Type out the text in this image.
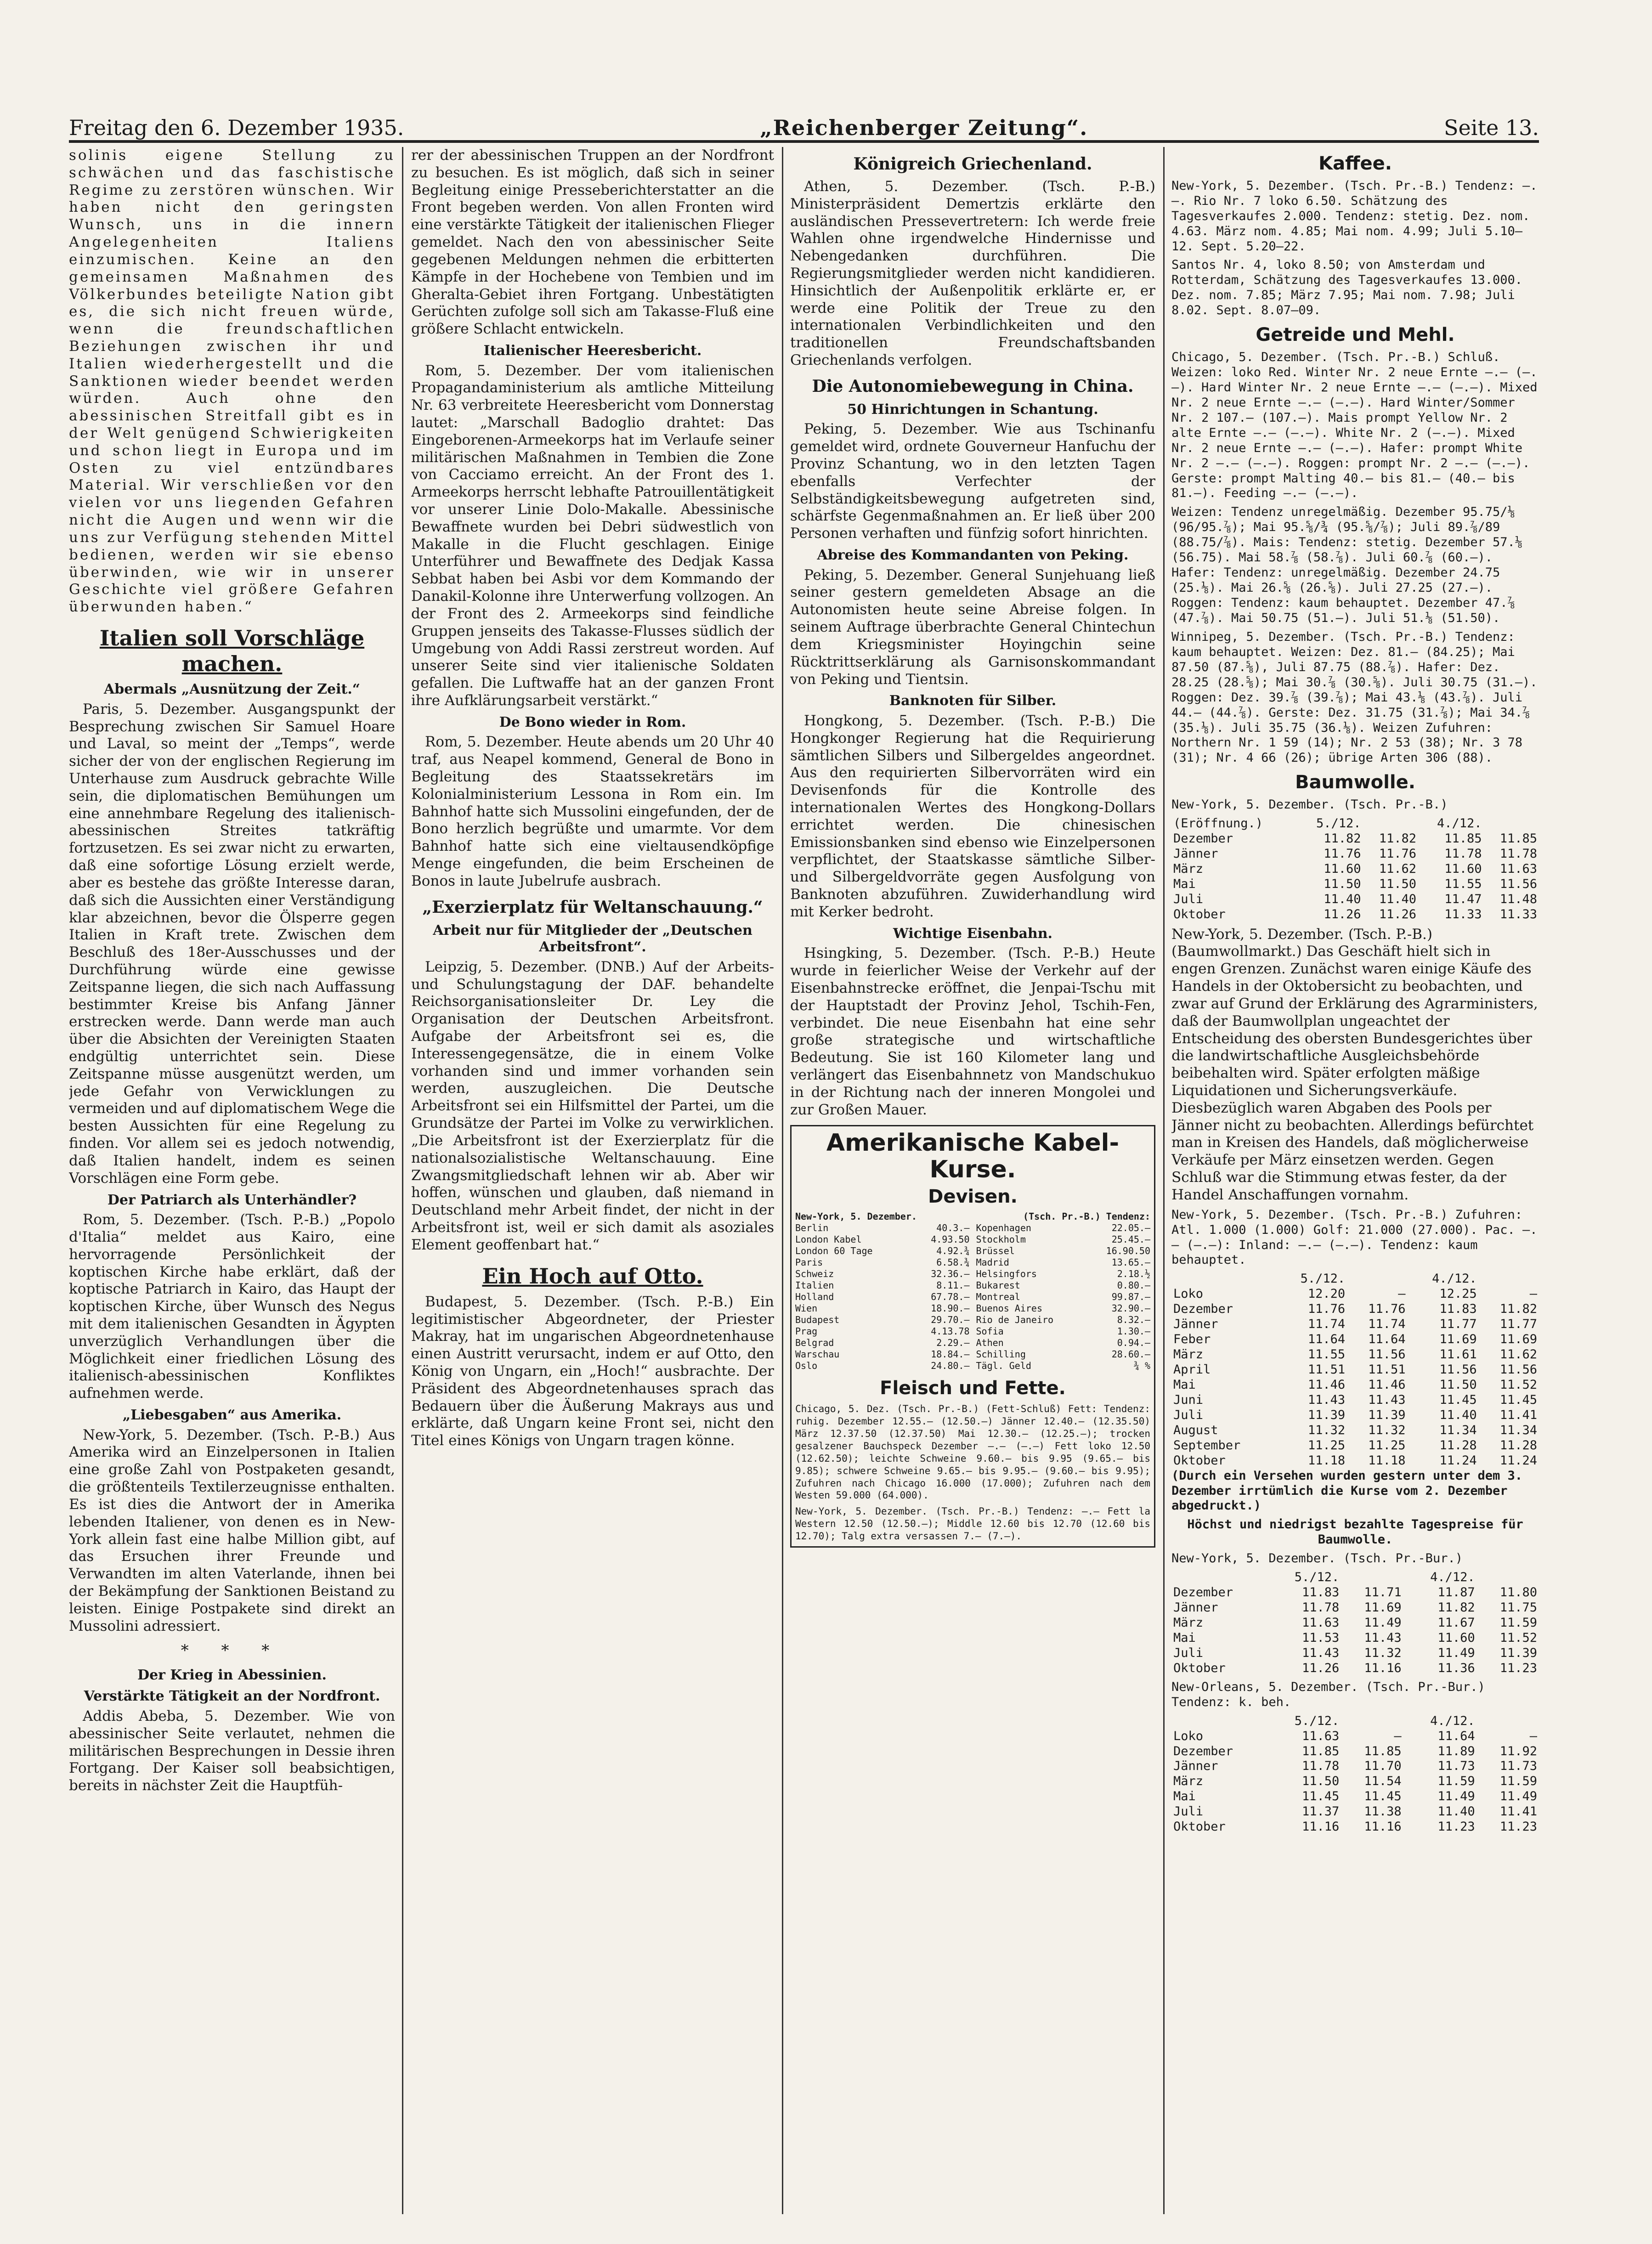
Freitag den 6. Dezember 1935.	„Reichenberger Zeitung“.	Seite 13.

solinis eigene Stellung zu schwächen und das faschistische Regime zu zerstören wünschen. Wir haben nicht den geringsten Wunsch, uns in die innern Angelegenheiten Italiens einzumischen. Keine an den gemeinsamen Maßnahmen des Völkerbundes beteiligte Nation gibt es, die sich nicht freuen würde, wenn die freundschaftlichen Beziehungen zwischen ihr und Italien wiederhergestellt und die Sanktionen wieder beendet werden würden. Auch ohne den abessinischen Streitfall gibt es in der Welt genügend Schwierigkeiten und schon liegt in Europa und im Osten zu viel entzündbares Material. Wir verschließen vor den vielen vor uns liegenden Gefahren nicht die Augen und wenn wir die uns zur Verfügung stehenden Mittel bedienen, werden wir sie ebenso überwinden, wie wir in unserer Geschichte viel größere Gefahren überwunden haben.“

Italien soll Vorschläge machen.
Abermals „Ausnützung der Zeit.“

Paris, 5. Dezember. Ausgangspunkt der Besprechung zwischen Sir Samuel Hoare und Laval, so meint der „Temps“, werde sicher der von der englischen Regierung im Unterhause zum Ausdruck gebrachte Wille sein, die diplomatischen Bemühungen um eine annehmbare Regelung des italienisch-abessinischen Streites tatkräftig fortzusetzen. Es sei zwar nicht zu erwarten, daß eine sofortige Lösung erzielt werde, aber es bestehe das größte Interesse daran, daß sich die Aussichten einer Verständigung klar abzeichnen, bevor die Ölsperre gegen Italien in Kraft trete. Zwischen dem Beschluß des 18er-Ausschusses und der Durchführung würde eine gewisse Zeitspanne liegen, die sich nach Auffassung bestimmter Kreise bis Anfang Jänner erstrecken werde. Dann werde man auch über die Absichten der Vereinigten Staaten endgültig unterrichtet sein. Diese Zeitspanne müsse ausgenützt werden, um jede Gefahr von Verwicklungen zu vermeiden und auf diplomatischem Wege die besten Aussichten für eine Regelung zu finden. Vor allem sei es jedoch notwendig, daß Italien handelt, indem es seinen Vorschlägen eine Form gebe.

Der Patriarch als Unterhändler?

Rom, 5. Dezember. (Tsch. P.-B.) „Popolo d'Italia“ meldet aus Kairo, eine hervorragende Persönlichkeit der koptischen Kirche habe erklärt, daß der koptische Patriarch in Kairo, das Haupt der koptischen Kirche, über Wunsch des Negus mit dem italienischen Gesandten in Ägypten unverzüglich Verhandlungen über die Möglichkeit einer friedlichen Lösung des italienisch-abessinischen Konfliktes aufnehmen werde.

„Liebesgaben“ aus Amerika.

New-York, 5. Dezember. (Tsch. P.-B.) Aus Amerika wird an Einzelpersonen in Italien eine große Zahl von Postpaketen gesandt, die größtenteils Textilerzeugnisse enthalten. Es ist dies die Antwort der in Amerika lebenden Italiener, von denen es in New-York allein fast eine halbe Million gibt, auf das Ersuchen ihrer Freunde und Verwandten im alten Vaterlande, ihnen bei der Bekämpfung der Sanktionen Beistand zu leisten. Einige Postpakete sind direkt an Mussolini adressiert.

* * *
Der Krieg in Abessinien.
Verstärkte Tätigkeit an der Nordfront.

Addis Abeba, 5. Dezember. Wie von abessinischer Seite verlautet, nehmen die militärischen Besprechungen in Dessie ihren Fortgang. Der Kaiser soll beabsichtigen, bereits in nächster Zeit die Hauptfüh-

rer der abessinischen Truppen an der Nordfront zu besuchen. Es ist möglich, daß sich in seiner Begleitung einige Presseberichterstatter an die Front begeben werden. Von allen Fronten wird eine verstärkte Tätigkeit der italienischen Flieger gemeldet. Nach den von abessinischer Seite gegebenen Meldungen nehmen die erbitterten Kämpfe in der Hochebene von Tembien und im Gheralta-Gebiet ihren Fortgang. Unbestätigten Gerüchten zufolge soll sich am Takasse-Fluß eine größere Schlacht entwickeln.

Italienischer Heeresbericht.

Rom, 5. Dezember. Der vom italienischen Propagandaministerium als amtliche Mitteilung Nr. 63 verbreitete Heeresbericht vom Donnerstag lautet: „Marschall Badoglio drahtet: Das Eingeborenen-Armeekorps hat im Verlaufe seiner militärischen Maßnahmen in Tembien die Zone von Cacciamo erreicht. An der Front des 1. Armeekorps herrscht lebhafte Patrouillentätigkeit vor unserer Linie Dolo-Makalle. Abessinische Bewaffnete wurden bei Debri südwestlich von Makalle in die Flucht geschlagen. Einige Unterführer und Bewaffnete des Dedjak Kassa Sebbat haben bei Asbi vor dem Kommando der Danakil-Kolonne ihre Unterwerfung vollzogen. An der Front des 2. Armeekorps sind feindliche Gruppen jenseits des Takasse-Flusses südlich der Umgebung von Addi Rassi zerstreut worden. Auf unserer Seite sind vier italienische Soldaten gefallen. Die Luftwaffe hat an der ganzen Front ihre Aufklärungsarbeit verstärkt.“

De Bono wieder in Rom.

Rom, 5. Dezember. Heute abends um 20 Uhr 40 traf, aus Neapel kommend, General de Bono in Begleitung des Staatssekretärs im Kolonialministerium Lessona in Rom ein. Im Bahnhof hatte sich Mussolini eingefunden, der de Bono herzlich begrüßte und umarmte. Vor dem Bahnhof hatte sich eine vieltausendköpfige Menge eingefunden, die beim Erscheinen de Bonos in laute Jubelrufe ausbrach.

„Exerzierplatz für Weltanschauung.“
Arbeit nur für Mitglieder der „Deutschen Arbeitsfront“.

Leipzig, 5. Dezember. (DNB.) Auf der Arbeits- und Schulungstagung der DAF. behandelte Reichsorganisationsleiter Dr. Ley die Organisation der Deutschen Arbeitsfront. Aufgabe der Arbeitsfront sei es, die Interessengegensätze, die in einem Volke vorhanden sind und immer vorhanden sein werden, auszugleichen. Die Deutsche Arbeitsfront sei ein Hilfsmittel der Partei, um die Grundsätze der Partei im Volke zu verwirklichen. „Die Arbeitsfront ist der Exerzierplatz für die nationalsozialistische Weltanschauung. Eine Zwangsmitgliedschaft lehnen wir ab. Aber wir hoffen, wünschen und glauben, daß niemand in Deutschland mehr Arbeit findet, der nicht in der Arbeitsfront ist, weil er sich damit als asoziales Element geoffenbart hat.“

Ein Hoch auf Otto.

Budapest, 5. Dezember. (Tsch. P.-B.) Ein legitimistischer Abgeordneter, der Priester Makray, hat im ungarischen Abgeordnetenhause einen Austritt verursacht, indem er auf Otto, den König von Ungarn, ein „Hoch!“ ausbrachte. Der Präsident des Abgeordnetenhauses sprach das Bedauern über die Äußerung Makrays aus und erklärte, daß Ungarn keine Front sei, nicht den Titel eines Königs von Ungarn tragen könne.

Königreich Griechenland.

Athen, 5. Dezember. (Tsch. P.-B.) Ministerpräsident Demertzis erklärte den ausländischen Pressevertretern: Ich werde freie Wahlen ohne irgendwelche Hindernisse und Nebengedanken durchführen. Die Regierungsmitglieder werden nicht kandidieren. Hinsichtlich der Außenpolitik erklärte er, er werde eine Politik der Treue zu den internationalen Verbindlichkeiten und den traditionellen Freundschaftsbanden Griechenlands verfolgen.

Die Autonomiebewegung in China.
50 Hinrichtungen in Schantung.

Peking, 5. Dezember. Wie aus Tschinanfu gemeldet wird, ordnete Gouverneur Hanfuchu der Provinz Schantung, wo in den letzten Tagen ebenfalls Verfechter der Selbständigkeitsbewegung aufgetreten sind, schärfste Gegenmaßnahmen an. Er ließ über 200 Personen verhaften und fünfzig sofort hinrichten.

Abreise des Kommandanten von Peking.

Peking, 5. Dezember. General Sunjehuang ließ seiner gestern gemeldeten Absage an die Autonomisten heute seine Abreise folgen. In seinem Auftrage überbrachte General Chintechun dem Kriegsminister Hoyingchin seine Rücktrittserklärung als Garnisonskommandant von Peking und Tientsin.

Banknoten für Silber.

Hongkong, 5. Dezember. (Tsch. P.-B.) Die Hongkonger Regierung hat die Requirierung sämtlichen Silbers und Silbergeldes angeordnet. Aus den requirierten Silbervorräten wird ein Devisenfonds für die Kontrolle des internationalen Wertes des Hongkong-Dollars errichtet werden. Die chinesischen Emissionsbanken sind ebenso wie Einzelpersonen verpflichtet, der Staatskasse sämtliche Silber- und Silbergeldvorräte gegen Ausfolgung von Banknoten abzuführen. Zuwiderhandlung wird mit Kerker bedroht.

Wichtige Eisenbahn.

Hsingking, 5. Dezember. (Tsch. P.-B.) Heute wurde in feierlicher Weise der Verkehr auf der Eisenbahnstrecke eröffnet, die Jenpai-Tschu mit der Hauptstadt der Provinz Jehol, Tschih-Fen, verbindet. Die neue Eisenbahn hat eine sehr große strategische und wirtschaftliche Bedeutung. Sie ist 160 Kilometer lang und verlängert das Eisenbahnnetz von Mandschukuo in der Richtung nach der inneren Mongolei und zur Großen Mauer.

Amerikanische Kabel-Kurse.
Devisen.
New-York, 5. Dezember.	(Tsch. Pr.-B.) Tendenz:
Berlin	40.3.— Kopenhagen	22.05.—
London Kabel	4.93.50 Stockholm	25.45.—
London 60 Tage	4.92.¾ Brüssel	16.90.50
Paris	6.58.¾ Madrid	13.65.—
Schweiz	32.36.— Helsingfors	2.18.½
Italien	8.11.— Bukarest	0.80.—
Holland	67.78.— Montreal	99.87.—
Wien	18.90.— Buenos Aires	32.90.—
Budapest	29.70.— Rio de Janeiro	8.32.—
Prag	4.13.78 Sofia	1.30.—
Belgrad	2.29.— Athen	0.94.—
Warschau	18.84.— Schilling	28.60.—
Oslo	24.80.— Tägl. Geld	¾ %
Fleisch und Fette.
Chicago, 5. Dez. (Tsch. Pr.-B.) (Fett-Schluß) Fett: Tendenz: ruhig. Dezember 12.55.— (12.50.—) Jänner 12.40.— (12.35.50) März 12.37.50 (12.37.50) Mai 12.30.— (12.25.—); trocken gesalzener Bauchspeck Dezember —.— (—.—) Fett loko 12.50 (12.62.50); leichte Schweine 9.60.— bis 9.95 (9.65.— bis 9.85); schwere Schweine 9.65.— bis 9.95.— (9.60.— bis 9.95); Zufuhren nach Chicago 16.000 (17.000); Zufuhren nach dem Westen 59.000 (64.000).
New-York, 5. Dezember. (Tsch. Pr.-B.) Tendenz: —.— Fett la Western 12.50 (12.50.—); Middle 12.60 bis 12.70 (12.60 bis 12.70); Talg extra versassen 7.— (7.—).
Kaffee.

New-York, 5. Dezember. (Tsch. Pr.-B.) Tendenz: —.—. Rio Nr. 7 loko 6.50. Schätzung des Tagesverkaufes 2.000. Tendenz: stetig. Dez. nom. 4.63. März nom. 4.85; Mai nom. 4.99; Juli 5.10–12. Sept. 5.20–22.

Santos Nr. 4, loko 8.50; von Amsterdam und Rotterdam, Schätzung des Tagesverkaufes 13.000. Dez. nom. 7.85; März 7.95; Mai nom. 7.98; Juli 8.02. Sept. 8.07–09.

Getreide und Mehl.

Chicago, 5. Dezember. (Tsch. Pr.-B.) Schluß. Weizen: loko Red. Winter Nr. 2 neue Ernte —.— (—.—). Hard Winter Nr. 2 neue Ernte —.— (—.—). Mixed Nr. 2 neue Ernte —.— (—.—). Hard Winter/Sommer Nr. 2 107.— (107.—). Mais prompt Yellow Nr. 2 alte Ernte —.— (—.—). White Nr. 2 (—.—). Mixed Nr. 2 neue Ernte —.— (—.—). Hafer: prompt White Nr. 2 —.— (—.—). Roggen: prompt Nr. 2 —.— (—.—). Gerste: prompt Malting 40.— bis 81.— (40.— bis 81.—). Feeding —.— (—.—).

Weizen: Tendenz unregelmäßig. Dezember 95.75/⅛ (96/95.⅞); Mai 95.⅝/¾ (95.⅝/⅞); Juli 89.⅞/89 (88.75/⅞). Mais: Tendenz: stetig. Dezember 57.⅛ (56.75). Mai 58.⅞ (58.⅞). Juli 60.⅞ (60.—). Hafer: Tendenz: unregelmäßig. Dezember 24.75 (25.⅛). Mai 26.⅝ (26.⅝). Juli 27.25 (27.—). Roggen: Tendenz: kaum behauptet. Dezember 47.⅞ (47.⅞). Mai 50.75 (51.—). Juli 51.⅛ (51.50).

Winnipeg, 5. Dezember. (Tsch. Pr.-B.) Tendenz: kaum behauptet. Weizen: Dez. 81.— (84.25); Mai 87.50 (87.⅝), Juli 87.75 (88.⅞). Hafer: Dez. 28.25 (28.⅝); Mai 30.⅞ (30.⅝). Juli 30.75 (31.—). Roggen: Dez. 39.⅞ (39.⅞); Mai 43.⅛ (43.⅞). Juli 44.— (44.⅞). Gerste: Dez. 31.75 (31.⅞); Mai 34.⅞ (35.⅛). Juli 35.75 (36.⅛). Weizen Zufuhren: Northern Nr. 1 59 (14); Nr. 2 53 (38); Nr. 3 78 (31); Nr. 4 66 (26); übrige Arten 306 (88).

Baumwolle.

New-York, 5. Dezember. (Tsch. Pr.-B.)

(Eröffnung.)	5./12.		4./12.	
Dezember	11.82	11.82	11.85	11.85
Jänner	11.76	11.76	11.78	11.78
März	11.60	11.62	11.60	11.63
Mai	11.50	11.50	11.55	11.56
Juli	11.40	11.40	11.47	11.48
Oktober	11.26	11.26	11.33	11.33

New-York, 5. Dezember. (Tsch. P.-B.) (Baumwollmarkt.) Das Geschäft hielt sich in engen Grenzen. Zunächst waren einige Käufe des Handels in der Oktobersicht zu beobachten, und zwar auf Grund der Erklärung des Agrarministers, daß der Baumwollplan ungeachtet der Entscheidung des obersten Bundesgerichtes über die landwirtschaftliche Ausgleichsbehörde beibehalten wird. Später erfolgten mäßige Liquidationen und Sicherungsverkäufe. Diesbezüglich waren Abgaben des Pools per Jänner nicht zu beobachten. Allerdings befürchtet man in Kreisen des Handels, daß möglicherweise Verkäufe per März einsetzen werden. Gegen Schluß war die Stimmung etwas fester, da der Handel Anschaffungen vornahm.

New-York, 5. Dezember. (Tsch. Pr.-B.) Zufuhren: Atl. 1.000 (1.000) Golf: 21.000 (27.000). Pac. —.— (—.—): Inland: —.— (—.—). Tendenz: kaum behauptet.

	5./12.		4./12.	
Loko	12.20	—	12.25	—
Dezember	11.76	11.76	11.83	11.82
Jänner	11.74	11.74	11.77	11.77
Feber	11.64	11.64	11.69	11.69
März	11.55	11.56	11.61	11.62
April	11.51	11.51	11.56	11.56
Mai	11.46	11.46	11.50	11.52
Juni	11.43	11.43	11.45	11.45
Juli	11.39	11.39	11.40	11.41
August	11.32	11.32	11.34	11.34
September	11.25	11.25	11.28	11.28
Oktober	11.18	11.18	11.24	11.24

(Durch ein Versehen wurden gestern unter dem 3. Dezember irrtümlich die Kurse vom 2. Dezember abgedruckt.)

Höchst und niedrigst bezahlte Tagespreise für Baumwolle.

New-York, 5. Dezember. (Tsch. Pr.-Bur.)

	5./12.		4./12.	
Dezember	11.83	11.71	11.87	11.80
Jänner	11.78	11.69	11.82	11.75
März	11.63	11.49	11.67	11.59
Mai	11.53	11.43	11.60	11.52
Juli	11.43	11.32	11.49	11.39
Oktober	11.26	11.16	11.36	11.23

New-Orleans, 5. Dezember. (Tsch. Pr.-Bur.) Tendenz: k. beh.

	5./12.		4./12.	
Loko	11.63	—	11.64	—
Dezember	11.85	11.85	11.89	11.92
Jänner	11.78	11.70	11.73	11.73
März	11.50	11.54	11.59	11.59
Mai	11.45	11.45	11.49	11.49
Juli	11.37	11.38	11.40	11.41
Oktober	11.16	11.16	11.23	11.23
